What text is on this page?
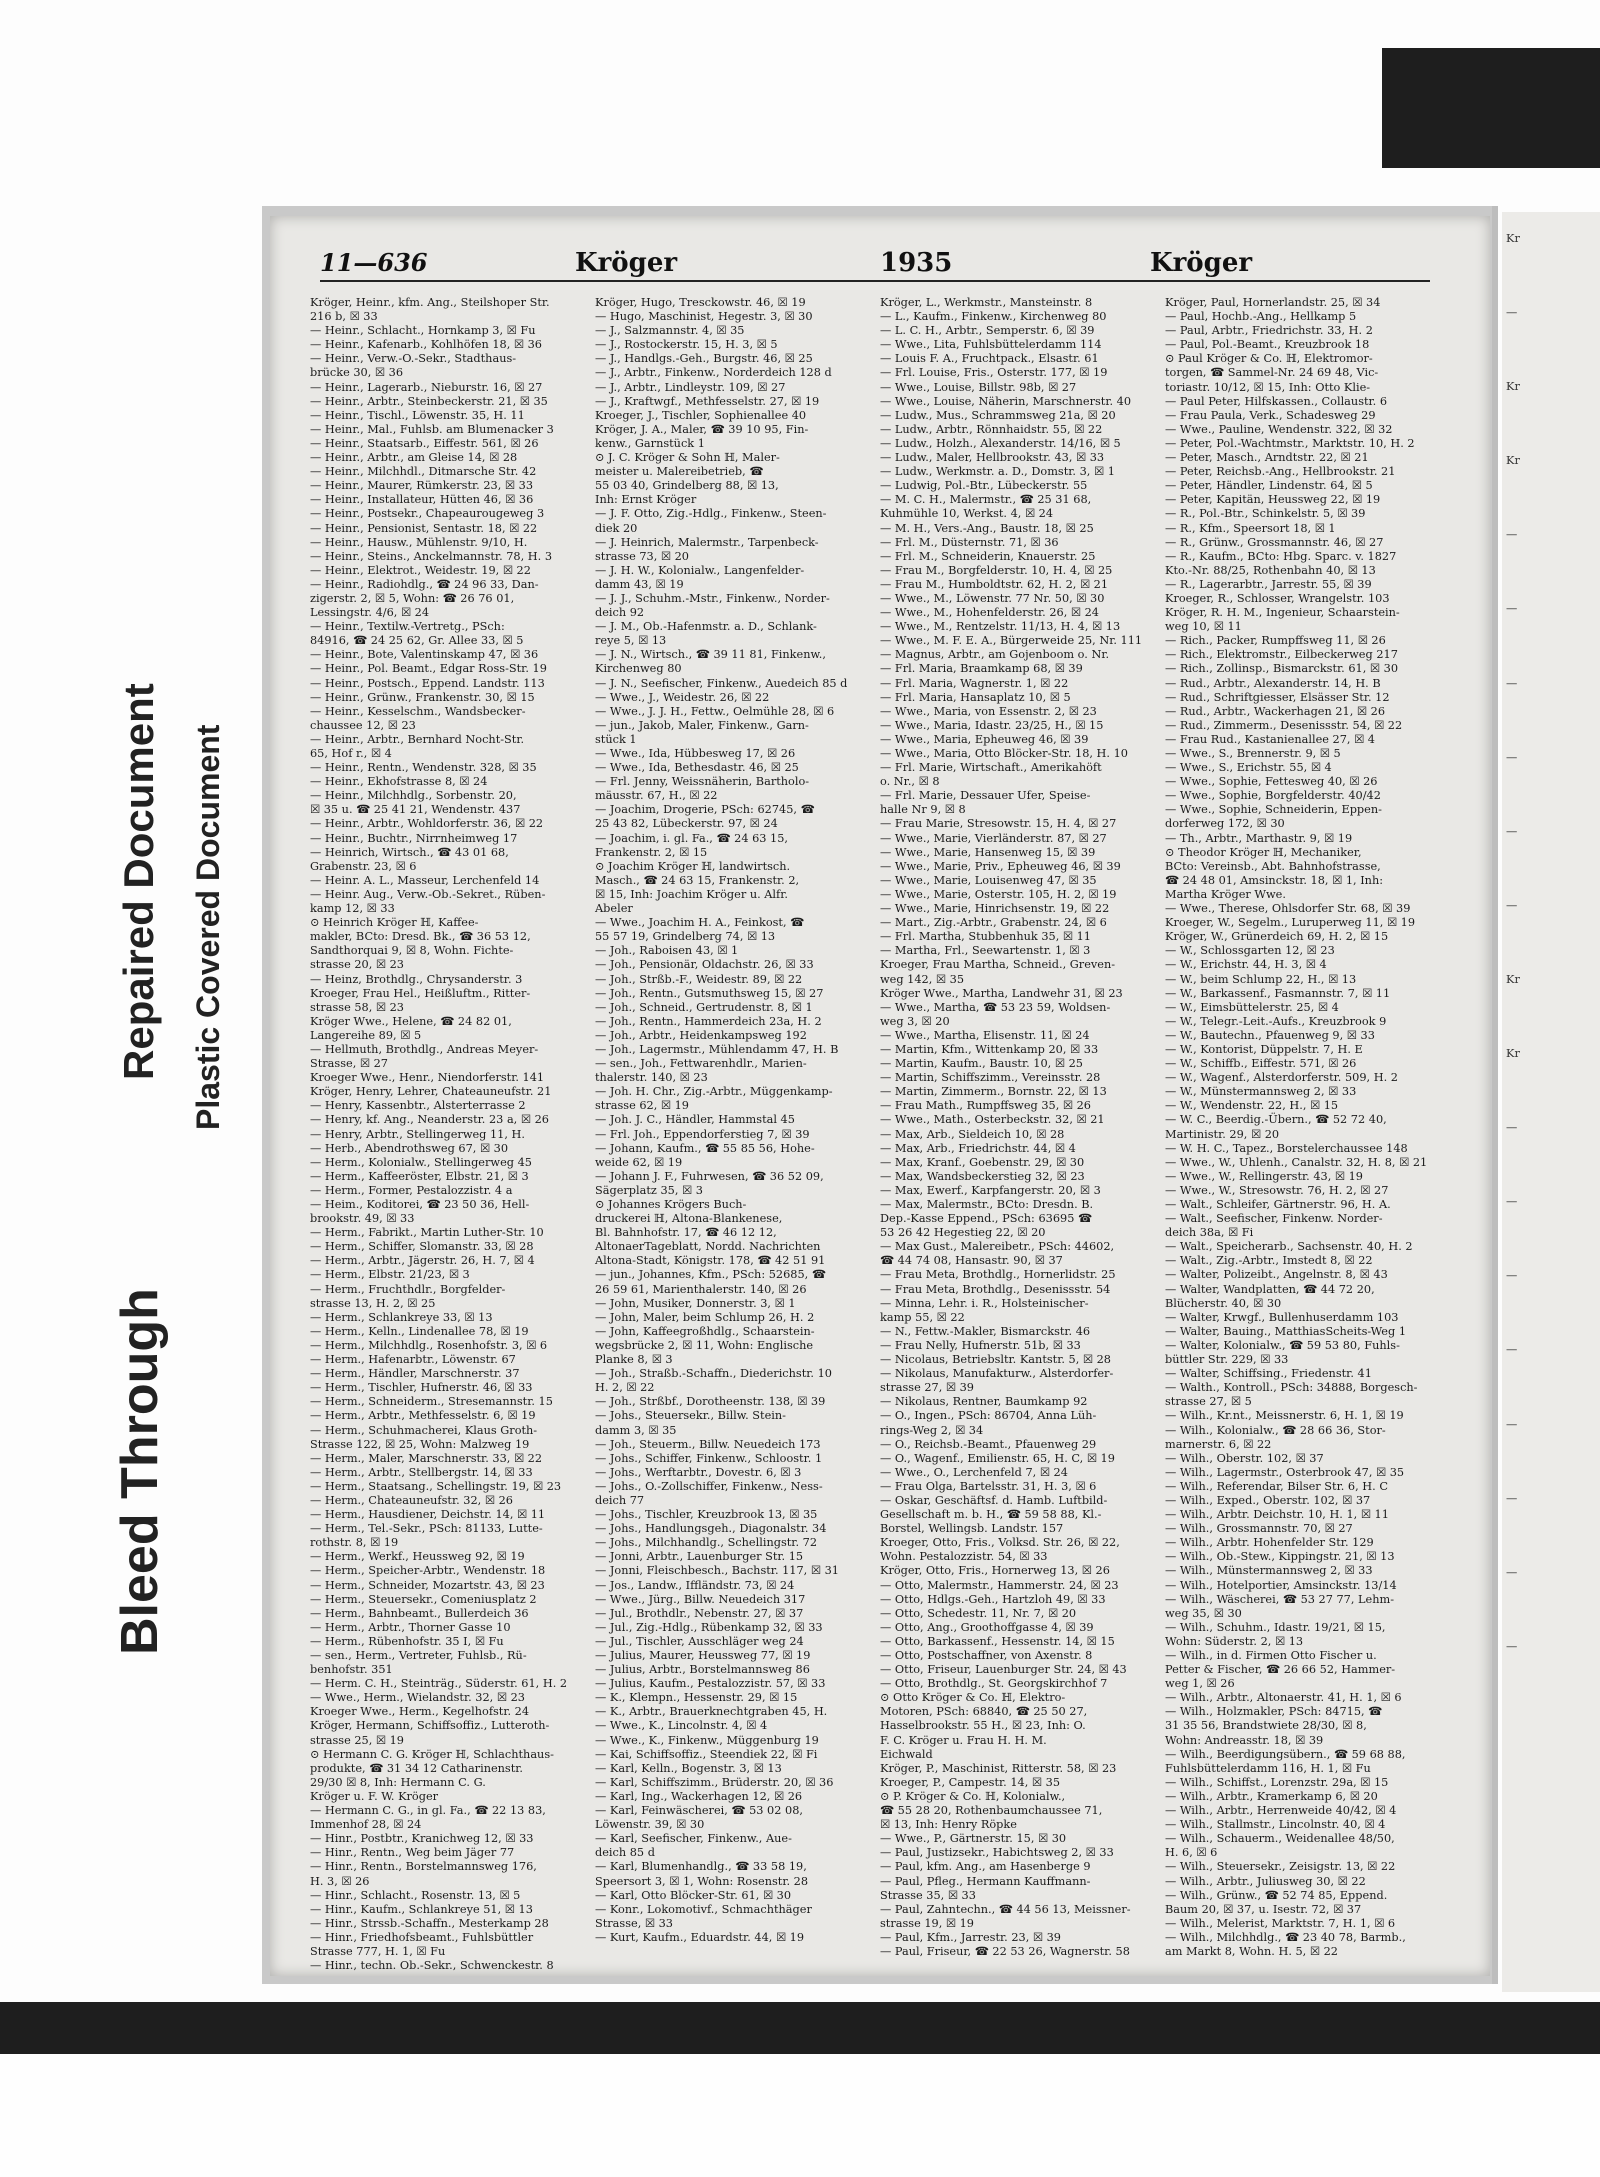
Bleed Through
Repaired Document Plastic Covered Document
11—636	Kröger	1935	Kröger
Kröger, Heinr., kfm. Ang., Steilshoper Str.
216 b, ☒ 33
— Heinr., Schlacht., Hornkamp 3, ☒ Fu
— Heinr., Kafenarb., Kohlhöfen 18, ☒ 36
— Heinr., Verw.-O.-Sekr., Stadthaus-
brücke 30, ☒ 36
— Heinr., Lagerarb., Nieburstr. 16, ☒ 27
— Heinr., Arbtr., Steinbeckerstr. 21, ☒ 35
— Heinr., Tischl., Löwenstr. 35, H. 11
— Heinr., Mal., Fuhlsb. am Blumenacker 3
— Heinr., Staatsarb., Eiffestr. 561, ☒ 26
— Heinr., Arbtr., am Gleise 14, ☒ 28
— Heinr., Milchhdl., Ditmarsche Str. 42
— Heinr., Maurer, Rümkerstr. 23, ☒ 33
— Heinr., Installateur, Hütten 46, ☒ 36
— Heinr., Postsekr., Chapeaurougeweg 3
— Heinr., Pensionist, Sentastr. 18, ☒ 22
— Heinr., Hausw., Mühlenstr. 9/10, H.
— Heinr., Steins., Anckelmannstr. 78, H. 3
— Heinr., Elektrot., Weidestr. 19, ☒ 22
— Heinr., Radiohdlg., ☎ 24 96 33, Dan-
zigerstr. 2, ☒ 5, Wohn: ☎ 26 76 01,
Lessingstr. 4/6, ☒ 24
— Heinr., Textilw.-Vertretg., PSch:
84916, ☎ 24 25 62, Gr. Allee 33, ☒ 5
— Heinr., Bote, Valentinskamp 47, ☒ 36
— Heinr., Pol. Beamt., Edgar Ross-Str. 19
— Heinr., Postsch., Eppend. Landstr. 113
— Heinr., Grünw., Frankenstr. 30, ☒ 15
— Heinr., Kesselschm., Wandsbecker-
chaussee 12, ☒ 23
— Heinr., Arbtr., Bernhard Nocht-Str.
65, Hof r., ☒ 4
— Heinr., Rentn., Wendenstr. 328, ☒ 35
— Heinr., Ekhofstrasse 8, ☒ 24
— Heinr., Milchhdlg., Sorbenstr. 20,
☒ 35 u. ☎ 25 41 21, Wendenstr. 437
— Heinr., Arbtr., Wohldorferstr. 36, ☒ 22
— Heinr., Buchtr., Nirrnheimweg 17
— Heinrich, Wirtsch., ☎ 43 01 68,
Grabenstr. 23, ☒ 6
— Heinr. A. L., Masseur, Lerchenfeld 14
— Heinr. Aug., Verw.-Ob.-Sekret., Rüben-
kamp 12, ☒ 33
⊙ Heinrich Kröger ℍ, Kaffee-
makler, BCto: Dresd. Bk., ☎ 36 53 12,
Sandthorquai 9, ☒ 8, Wohn. Fichte-
strasse 20, ☒ 23
— Heinz, Brothdlg., Chrysanderstr. 3
Kroeger, Frau Hel., Heißluftm., Ritter-
strasse 58, ☒ 23
Kröger Wwe., Helene, ☎ 24 82 01,
Langereihe 89, ☒ 5
— Hellmuth, Brothdlg., Andreas Meyer-
Strasse, ☒ 27
Kroeger Wwe., Henr., Niendorferstr. 141
Kröger, Henry, Lehrer, Chateauneufstr. 21
— Henry, Kassenbtr., Alsterterrasse 2
— Henry, kf. Ang., Neanderstr. 23 a, ☒ 26
— Henry, Arbtr., Stellingerweg 11, H.
— Herb., Abendrothsweg 67, ☒ 30
— Herm., Kolonialw., Stellingerweg 45
— Herm., Kaffeeröster, Elbstr. 21, ☒ 3
— Herm., Former, Pestalozzistr. 4 a
— Heim., Koditorei, ☎ 23 50 36, Hell-
brookstr. 49, ☒ 33
— Herm., Fabrikt., Martin Luther-Str. 10
— Herm., Schiffer, Slomanstr. 33, ☒ 28
— Herm., Arbtr., Jägerstr. 26, H. 7, ☒ 4
— Herm., Elbstr. 21/23, ☒ 3
— Herm., Fruchthdlr., Borgfelder-
strasse 13, H. 2, ☒ 25
— Herm., Schlankreye 33, ☒ 13
— Herm., Kelln., Lindenallee 78, ☒ 19
— Herm., Milchhdlg., Rosenhofstr. 3, ☒ 6
— Herm., Hafenarbtr., Löwenstr. 67
— Herm., Händler, Marschnerstr. 37
— Herm., Tischler, Hufnerstr. 46, ☒ 33
— Herm., Schneiderm., Stresemannstr. 15
— Herm., Arbtr., Methfesselstr. 6, ☒ 19
— Herm., Schuhmacherei, Klaus Groth-
Strasse 122, ☒ 25, Wohn: Malzweg 19
— Herm., Maler, Marschnerstr. 33, ☒ 22
— Herm., Arbtr., Stellbergstr. 14, ☒ 33
— Herm., Staatsang., Schellingstr. 19, ☒ 23
— Herm., Chateauneufstr. 32, ☒ 26
— Herm., Hausdiener, Deichstr. 14, ☒ 11
— Herm., Tel.-Sekr., PSch: 81133, Lutte-
rothstr. 8, ☒ 19
— Herm., Werkf., Heussweg 92, ☒ 19
— Herm., Speicher-Arbtr., Wendenstr. 18
— Herm., Schneider, Mozartstr. 43, ☒ 23
— Herm., Steuersekr., Comeniusplatz 2
— Herm., Bahnbeamt., Bullerdeich 36
— Herm., Arbtr., Thorner Gasse 10
— Herm., Rübenhofstr. 35 I, ☒ Fu
— sen., Herm., Vertreter, Fuhlsb., Rü-
benhofstr. 351
— Herm. C. H., Steinträg., Süderstr. 61, H. 2
— Wwe., Herm., Wielandstr. 32, ☒ 23
Kroeger Wwe., Herm., Kegelhofstr. 24
Kröger, Hermann, Schiffsoffiz., Lutteroth-
strasse 25, ☒ 19
⊙ Hermann C. G. Kröger ℍ, Schlachthaus-
produkte, ☎ 31 34 12 Catharinenstr.
29/30 ☒ 8, Inh: Hermann C. G.
Kröger u. F. W. Kröger
— Hermann C. G., in gl. Fa., ☎ 22 13 83,
Immenhof 28, ☒ 24
— Hinr., Postbtr., Kranichweg 12, ☒ 33
— Hinr., Rentn., Weg beim Jäger 77
— Hinr., Rentn., Borstelmannsweg 176,
H. 3, ☒ 26
— Hinr., Schlacht., Rosenstr. 13, ☒ 5
— Hinr., Kaufm., Schlankreye 51, ☒ 13
— Hinr., Strssb.-Schaffn., Mesterkamp 28
— Hinr., Friedhofsbeamt., Fuhlsbüttler
Strasse 777, H. 1, ☒ Fu
— Hinr., techn. Ob.-Sekr., Schwenckestr. 8
Kröger, Hugo, Tresckowstr. 46, ☒ 19
— Hugo, Maschinist, Hegestr. 3, ☒ 30
— J., Salzmannstr. 4, ☒ 35
— J., Rostockerstr. 15, H. 3, ☒ 5
— J., Handlgs.-Geh., Burgstr. 46, ☒ 25
— J., Arbtr., Finkenw., Norderdeich 128 d
— J., Arbtr., Lindleystr. 109, ☒ 27
— J., Kraftwgf., Methfesselstr. 27, ☒ 19
Kroeger, J., Tischler, Sophienallee 40
Kröger, J. A., Maler, ☎ 39 10 95, Fin-
kenw., Garnstück 1
⊙ J. C. Kröger & Sohn ℍ, Maler-
meister u. Malereibetrieb, ☎
55 03 40, Grindelberg 88, ☒ 13,
Inh: Ernst Kröger
— J. F. Otto, Zig.-Hdlg., Finkenw., Steen-
diek 20
— J. Heinrich, Malermstr., Tarpenbeck-
strasse 73, ☒ 20
— J. H. W., Kolonialw., Langenfelder-
damm 43, ☒ 19
— J. J., Schuhm.-Mstr., Finkenw., Norder-
deich 92
— J. M., Ob.-Hafenmstr. a. D., Schlank-
reye 5, ☒ 13
— J. N., Wirtsch., ☎ 39 11 81, Finkenw.,
Kirchenweg 80
— J. N., Seefischer, Finkenw., Auedeich 85 d
— Wwe., J., Weidestr. 26, ☒ 22
— Wwe., J. J. H., Fettw., Oelmühle 28, ☒ 6
— jun., Jakob, Maler, Finkenw., Garn-
stück 1
— Wwe., Ida, Hübbesweg 17, ☒ 26
— Wwe., Ida, Bethesdastr. 46, ☒ 25
— Frl. Jenny, Weissnäherin, Bartholo-
mäusstr. 67, H., ☒ 22
— Joachim, Drogerie, PSch: 62745, ☎
25 43 82, Lübeckerstr. 97, ☒ 24
— Joachim, i. gl. Fa., ☎ 24 63 15,
Frankenstr. 2, ☒ 15
⊙ Joachim Kröger ℍ, landwirtsch.
Masch., ☎ 24 63 15, Frankenstr. 2,
☒ 15, Inh: Joachim Kröger u. Alfr.
Abeler
— Wwe., Joachim H. A., Feinkost, ☎
55 57 19, Grindelberg 74, ☒ 13
— Joh., Raboisen 43, ☒ 1
— Joh., Pensionär, Oldachstr. 26, ☒ 33
— Joh., Strßb.-F., Weidestr. 89, ☒ 22
— Joh., Rentn., Gutsmuthsweg 15, ☒ 27
— Joh., Schneid., Gertrudenstr. 8, ☒ 1
— Joh., Rentn., Hammerdeich 23a, H. 2
— Joh., Arbtr., Heidenkampsweg 192
— Joh., Lagermstr., Mühlendamm 47, H. B
— sen., Joh., Fettwarenhdlr., Marien-
thalerstr. 140, ☒ 23
— Joh. H. Chr., Zig.-Arbtr., Müggenkamp-
strasse 62, ☒ 19
— Joh. J. C., Händler, Hammstal 45
— Frl. Joh., Eppendorferstieg 7, ☒ 39
— Johann, Kaufm., ☎ 55 85 56, Hohe-
weide 62, ☒ 19
— Johann J. F., Fuhrwesen, ☎ 36 52 09,
Sägerplatz 35, ☒ 3
⊙ Johannes Krögers Buch-
druckerei ℍ, Altona-Blankenese,
Bl. Bahnhofstr. 17, ☎ 46 12 12,
AltonaerTageblatt, Nordd. Nachrichten
Altona-Stadt, Königstr. 178, ☎ 42 51 91
— jun., Johannes, Kfm., PSch: 52685, ☎
26 59 61, Marienthalerstr. 140, ☒ 26
— John, Musiker, Donnerstr. 3, ☒ 1
— John, Maler, beim Schlump 26, H. 2
— John, Kaffeegroßhdlg., Schaarstein-
wegsbrücke 2, ☒ 11, Wohn: Englische
Planke 8, ☒ 3
— Joh., Straßb.-Schaffn., Diederichstr. 10
H. 2, ☒ 22
— Joh., Strßbf., Dorotheenstr. 138, ☒ 39
— Johs., Steuersekr., Billw. Stein-
damm 3, ☒ 35
— Joh., Steuerm., Billw. Neuedeich 173
— Johs., Schiffer, Finkenw., Schloostr. 1
— Johs., Werftarbtr., Dovestr. 6, ☒ 3
— Johs., O.-Zollschiffer, Finkenw., Ness-
deich 77
— Johs., Tischler, Kreuzbrook 13, ☒ 35
— Johs., Handlungsgeh., Diagonalstr. 34
— Johs., Milchhandlg., Schellingstr. 72
— Jonni, Arbtr., Lauenburger Str. 15
— Jonni, Fleischbesch., Bachstr. 117, ☒ 31
— Jos., Landw., Iffländstr. 73, ☒ 24
— Wwe., Jürg., Billw. Neuedeich 317
— Jul., Brothdlr., Nebenstr. 27, ☒ 37
— Jul., Zig.-Hdlg., Rübenkamp 32, ☒ 33
— Jul., Tischler, Ausschläger weg 24
— Julius, Maurer, Heussweg 77, ☒ 19
— Julius, Arbtr., Borstelmannsweg 86
— Julius, Kaufm., Pestalozzistr. 57, ☒ 33
— K., Klempn., Hessenstr. 29, ☒ 15
— K., Arbtr., Brauerknechtgraben 45, H.
— Wwe., K., Lincolnstr. 4, ☒ 4
— Wwe., K., Finkenw., Müggenburg 19
— Kai, Schiffsoffiz., Steendiek 22, ☒ Fi
— Karl, Kelln., Bogenstr. 3, ☒ 13
— Karl, Schiffszimm., Brüderstr. 20, ☒ 36
— Karl, Ing., Wackerhagen 12, ☒ 26
— Karl, Feinwäscherei, ☎ 53 02 08,
Löwenstr. 39, ☒ 30
— Karl, Seefischer, Finkenw., Aue-
deich 85 d
— Karl, Blumenhandlg., ☎ 33 58 19,
Speersort 3, ☒ 1, Wohn: Rosenstr. 28
— Karl, Otto Blöcker-Str. 61, ☒ 30
— Konr., Lokomotivf., Schmachthäger
Strasse, ☒ 33
— Kurt, Kaufm., Eduardstr. 44, ☒ 19
Kröger, L., Werkmstr., Mansteinstr. 8
— L., Kaufm., Finkenw., Kirchenweg 80
— L. C. H., Arbtr., Semperstr. 6, ☒ 39
— Wwe., Lita, Fuhlsbüttelerdamm 114
— Louis F. A., Fruchtpack., Elsastr. 61
— Frl. Louise, Fris., Osterstr. 177, ☒ 19
— Wwe., Louise, Billstr. 98b, ☒ 27
— Wwe., Louise, Näherin, Marschnerstr. 40
— Ludw., Mus., Schrammsweg 21a, ☒ 20
— Ludw., Arbtr., Rönnhaidstr. 55, ☒ 22
— Ludw., Holzh., Alexanderstr. 14/16, ☒ 5
— Ludw., Maler, Hellbrookstr. 43, ☒ 33
— Ludw., Werkmstr. a. D., Domstr. 3, ☒ 1
— Ludwig, Pol.-Btr., Lübeckerstr. 55
— M. C. H., Malermstr., ☎ 25 31 68,
Kuhmühle 10, Werkst. 4, ☒ 24
— M. H., Vers.-Ang., Baustr. 18, ☒ 25
— Frl. M., Düsternstr. 71, ☒ 36
— Frl. M., Schneiderin, Knauerstr. 25
— Frau M., Borgfelderstr. 10, H. 4, ☒ 25
— Frau M., Humboldtstr. 62, H. 2, ☒ 21
— Wwe., M., Löwenstr. 77 Nr. 50, ☒ 30
— Wwe., M., Hohenfelderstr. 26, ☒ 24
— Wwe., M., Rentzelstr. 11/13, H. 4, ☒ 13
— Wwe., M. F. E. A., Bürgerweide 25, Nr. 111
— Magnus, Arbtr., am Gojenboom o. Nr.
— Frl. Maria, Braamkamp 68, ☒ 39
— Frl. Maria, Wagnerstr. 1, ☒ 22
— Frl. Maria, Hansaplatz 10, ☒ 5
— Wwe., Maria, von Essenstr. 2, ☒ 23
— Wwe., Maria, Idastr. 23/25, H., ☒ 15
— Wwe., Maria, Ephеuweg 46, ☒ 39
— Wwe., Maria, Otto Blöcker-Str. 18, H. 10
— Frl. Marie, Wirtschaft., Amerikahöft
o. Nr., ☒ 8
— Frl. Marie, Dessauer Ufer, Speise-
halle Nr 9, ☒ 8
— Frau Marie, Stresowstr. 15, H. 4, ☒ 27
— Wwe., Marie, Vierländerstr. 87, ☒ 27
— Wwe., Marie, Hansenweg 15, ☒ 39
— Wwe., Marie, Priv., Epheuweg 46, ☒ 39
— Wwe., Marie, Louisenweg 47, ☒ 35
— Wwe., Marie, Osterstr. 105, H. 2, ☒ 19
— Wwe., Marie, Hinrichsenstr. 19, ☒ 22
— Mart., Zig.-Arbtr., Grabenstr. 24, ☒ 6
— Frl. Martha, Stubbenhuk 35, ☒ 11
— Martha, Frl., Seewartenstr. 1, ☒ 3
Kroeger, Frau Martha, Schneid., Greven-
weg 142, ☒ 35
Kröger Wwe., Martha, Landwehr 31, ☒ 23
— Wwe., Martha, ☎ 53 23 59, Woldsen-
weg 3, ☒ 20
— Wwe., Martha, Elisenstr. 11, ☒ 24
— Martin, Kfm., Wittenkamp 20, ☒ 33
— Martin, Kaufm., Baustr. 10, ☒ 25
— Martin, Schiffszimm., Vereinsstr. 28
— Martin, Zimmerm., Bornstr. 22, ☒ 13
— Frau Math., Rumpffsweg 35, ☒ 26
— Wwe., Math., Osterbeckstr. 32, ☒ 21
— Max, Arb., Sieldeich 10, ☒ 28
— Max, Arb., Friedrichstr. 44, ☒ 4
— Max, Kranf., Goebenstr. 29, ☒ 30
— Max, Wandsbeckerstieg 32, ☒ 23
— Max, Ewerf., Karpfangerstr. 20, ☒ 3
— Max, Malermstr., BCto: Dresdn. B.
Dep.-Kasse Eppend., PSch: 63695 ☎
53 26 42 Hegestieg 22, ☒ 20
— Max Gust., Malereibetr., PSch: 44602,
☎ 44 74 08, Hansastr. 90, ☒ 37
— Frau Meta, Brothdlg., Hornerlidstr. 25
— Frau Meta, Brothdlg., Desenissstr. 54
— Minna, Lehr. i. R., Holsteinischer-
kamp 55, ☒ 22
— N., Fettw.-Makler, Bismarckstr. 46
— Frau Nelly, Hufnerstr. 51b, ☒ 33
— Nicolaus, Betriebsltr. Kantstr. 5, ☒ 28
— Nikolaus, Manufakturw., Alsterdorfer-
strasse 27, ☒ 39
— Nikolaus, Rentner, Baumkamp 92
— O., Ingen., PSch: 86704, Anna Lüh-
rings-Weg 2, ☒ 34
— O., Reichsb.-Beamt., Pfauenweg 29
— O., Wagenf., Emilienstr. 65, H. C, ☒ 19
— Wwe., O., Lerchenfeld 7, ☒ 24
— Frau Olga, Bartelsstr. 31, H. 3, ☒ 6
— Oskar, Geschäftsf. d. Hamb. Luftbild-
Gesellschaft m. b. H., ☎ 59 58 88, Kl.-
Borstel, Wellingsb. Landstr. 157
Kroeger, Otto, Fris., Volksd. Str. 26, ☒ 22,
Wohn. Pestalozzistr. 54, ☒ 33
Kröger, Otto, Fris., Hornerweg 13, ☒ 26
— Otto, Malermstr., Hammerstr. 24, ☒ 23
— Otto, Hdlgs.-Geh., Hartzloh 49, ☒ 33
— Otto, Schedestr. 11, Nr. 7, ☒ 20
— Otto, Ang., Groothoffgasse 4, ☒ 39
— Otto, Barkassenf., Hessenstr. 14, ☒ 15
— Otto, Postschaffner, von Axenstr. 8
— Otto, Friseur, Lauenburger Str. 24, ☒ 43
— Otto, Brothdlg., St. Georgskirchhof 7
⊙ Otto Kröger & Co. ℍ, Elektro-
Motoren, PSch: 68840, ☎ 25 50 27,
Hasselbrookstr. 55 H., ☒ 23, Inh: O.
F. C. Kröger u. Frau H. H. M.
Eichwald
Kröger, P., Maschinist, Ritterstr. 58, ☒ 23
Kroeger, P., Campestr. 14, ☒ 35
⊙ P. Kröger & Co. ℍ, Kolonialw.,
☎ 55 28 20, Rothenbaumchaussee 71,
☒ 13, Inh: Henry Röpke
— Wwe., P., Gärtnerstr. 15, ☒ 30
— Paul, Justizsekr., Habichtsweg 2, ☒ 33
— Paul, kfm. Ang., am Hasenberge 9
— Paul, Pfleg., Hermann Kauffmann-
Strasse 35, ☒ 33
— Paul, Zahntechn., ☎ 44 56 13, Meissner-
strasse 19, ☒ 19
— Paul, Kfm., Jarrestr. 23, ☒ 39
— Paul, Friseur, ☎ 22 53 26, Wagnerstr. 58
Kröger, Paul, Hornerlandstr. 25, ☒ 34
— Paul, Hochb.-Ang., Hellkamp 5
— Paul, Arbtr., Friedrichstr. 33, H. 2
— Paul, Pol.-Beamt., Kreuzbrook 18
⊙ Paul Kröger & Co. ℍ, Elektromor-
torgen, ☎ Sammel-Nr. 24 69 48, Vic-
toriastr. 10/12, ☒ 15, Inh: Otto Klie-
— Paul Peter, Hilfskassen., Collaustr. 6
— Frau Paula, Verk., Schadesweg 29
— Wwe., Pauline, Wendenstr. 322, ☒ 32
— Peter, Pol.-Wachtmstr., Marktstr. 10, H. 2
— Peter, Masch., Arndtstr. 22, ☒ 21
— Peter, Reichsb.-Ang., Hellbrookstr. 21
— Peter, Händler, Lindenstr. 64, ☒ 5
— Peter, Kapitän, Heussweg 22, ☒ 19
— R., Pol.-Btr., Schinkelstr. 5, ☒ 39
— R., Kfm., Speersort 18, ☒ 1
— R., Grünw., Grossmannstr. 46, ☒ 27
— R., Kaufm., BCto: Hbg. Sparc. v. 1827
Kto.-Nr. 88/25, Rothenbahn 40, ☒ 13
— R., Lagerarbtr., Jarrestr. 55, ☒ 39
Kroeger, R., Schlosser, Wrangelstr. 103
Kröger, R. H. M., Ingenieur, Schaarstein-
weg 10, ☒ 11
— Rich., Packer, Rumpffsweg 11, ☒ 26
— Rich., Elektromstr., Eilbeckerweg 217
— Rich., Zollinsp., Bismarckstr. 61, ☒ 30
— Rud., Arbtr., Alexanderstr. 14, H. B
— Rud., Schriftgiesser, Elsässer Str. 12
— Rud., Arbtr., Wackerhagen 21, ☒ 26
— Rud., Zimmerm., Desenissstr. 54, ☒ 22
— Frau Rud., Kastanienallee 27, ☒ 4
— Wwe., S., Brennerstr. 9, ☒ 5
— Wwe., S., Erichstr. 55, ☒ 4
— Wwe., Sophie, Fettesweg 40, ☒ 26
— Wwe., Sophie, Borgfelderstr. 40/42
— Wwe., Sophie, Schneiderin, Eppen-
dorferweg 172, ☒ 30
— Th., Arbtr., Marthastr. 9, ☒ 19
⊙ Theodor Kröger ℍ, Mechaniker,
BCto: Vereinsb., Abt. Bahnhofstrasse,
☎ 24 48 01, Amsinckstr. 18, ☒ 1, Inh:
Martha Kröger Wwe.
— Wwe., Therese, Ohlsdorfer Str. 68, ☒ 39
Kroeger, W., Segelm., Luruperweg 11, ☒ 19
Kröger, W., Grünerdeich 69, H. 2, ☒ 15
— W., Schlossgarten 12, ☒ 23
— W., Erichstr. 44, H. 3, ☒ 4
— W., beim Schlump 22, H., ☒ 13
— W., Barkassenf., Fasmannstr. 7, ☒ 11
— W., Eimsbüttelerstr. 25, ☒ 4
— W., Telegr.-Leit.-Aufs., Kreuzbrook 9
— W., Bautechn., Pfauenweg 9, ☒ 33
— W., Kontorist, Düppelstr. 7, H. E
— W., Schiffb., Eiffestr. 571, ☒ 26
— W., Wagenf., Alsterdorferstr. 509, H. 2
— W., Münstermannsweg 2, ☒ 33
— W., Wendenstr. 22, H., ☒ 15
— W. C., Beerdig.-Übern., ☎ 52 72 40,
Martinistr. 29, ☒ 20
— W. H. C., Tapez., Borstelerchaussee 148
— Wwe., W., Uhlenh., Canalstr. 32, H. 8, ☒ 21
— Wwe., W., Rellingerstr. 43, ☒ 19
— Wwe., W., Stresowstr. 76, H. 2, ☒ 27
— Walt., Schleifer, Gärtnerstr. 96, H. A.
— Walt., Seefischer, Finkenw. Norder-
deich 38a, ☒ Fi
— Walt., Speicherarb., Sachsenstr. 40, H. 2
— Walt., Zig.-Arbtr., Imstedt 8, ☒ 22
— Walter, Polizeibt., Angelnstr. 8, ☒ 43
— Walter, Wandplatten, ☎ 44 72 20,
Blücherstr. 40, ☒ 30
— Walter, Krwgf., Bullenhuserdamm 103
— Walter, Bauing., MatthiasScheits-Weg 1
— Walter, Kolonialw., ☎ 59 53 80, Fuhls-
büttler Str. 229, ☒ 33
— Walter, Schiffsing., Friedenstr. 41
— Walth., Kontroll., PSch: 34888, Borgesch-
strasse 27, ☒ 5
— Wilh., Kr.nt., Meissnerstr. 6, H. 1, ☒ 19
— Wilh., Kolonialw., ☎ 28 66 36, Stor-
marnerstr. 6, ☒ 22
— Wilh., Oberstr. 102, ☒ 37
— Wilh., Lagermstr., Osterbrook 47, ☒ 35
— Wilh., Referendar, Bilser Str. 6, H. C
— Wilh., Exped., Oberstr. 102, ☒ 37
— Wilh., Arbtr. Deichstr. 10, H. 1, ☒ 11
— Wilh., Grossmannstr. 70, ☒ 27
— Wilh., Arbtr. Hohenfelder Str. 129
— Wilh., Ob.-Stew., Kippingstr. 21, ☒ 13
— Wilh., Münstermannsweg 2, ☒ 33
— Wilh., Hotelportier, Amsinckstr. 13/14
— Wilh., Wäscherei, ☎ 53 27 77, Lehm-
weg 35, ☒ 30
— Wilh., Schuhm., Idastr. 19/21, ☒ 15,
Wohn: Süderstr. 2, ☒ 13
— Wilh., in d. Firmen Otto Fischer u.
Petter & Fischer, ☎ 26 66 52, Hammer-
weg 1, ☒ 26
— Wilh., Arbtr., Altonaerstr. 41, H. 1, ☒ 6
— Wilh., Holzmakler, PSch: 84715, ☎
31 35 56, Brandstwiete 28/30, ☒ 8,
Wohn: Andreasstr. 18, ☒ 39
— Wilh., Beerdigungsübern., ☎ 59 68 88,
Fuhlsbüttelerdamm 116, H. 1, ☒ Fu
— Wilh., Schiffst., Lorenzstr. 29a, ☒ 15
— Wilh., Arbtr., Kramerkamp 6, ☒ 20
— Wilh., Arbtr., Herrenweide 40/42, ☒ 4
— Wilh., Stallmstr., Lincolnstr. 40, ☒ 4
— Wilh., Schauerm., Weidenallee 48/50,
H. 6, ☒ 6
— Wilh., Steuersekr., Zeisigstr. 13, ☒ 22
— Wilh., Arbtr., Juliusweg 30, ☒ 22
— Wilh., Grünw., ☎ 52 74 85, Eppend.
Baum 20, ☒ 37, u. Isestr. 72, ☒ 37
— Wilh., Melerist, Marktstr. 7, H. 1, ☒ 6
— Wilh., Milchhdlg., ☎ 23 40 78, Barmb.,
am Markt 8, Wohn. H. 5, ☒ 22
Kr
—
Kr
Kr
—
—
—
—
—
—
Kr
Kr
—
—
—
—
—
—
—
—
